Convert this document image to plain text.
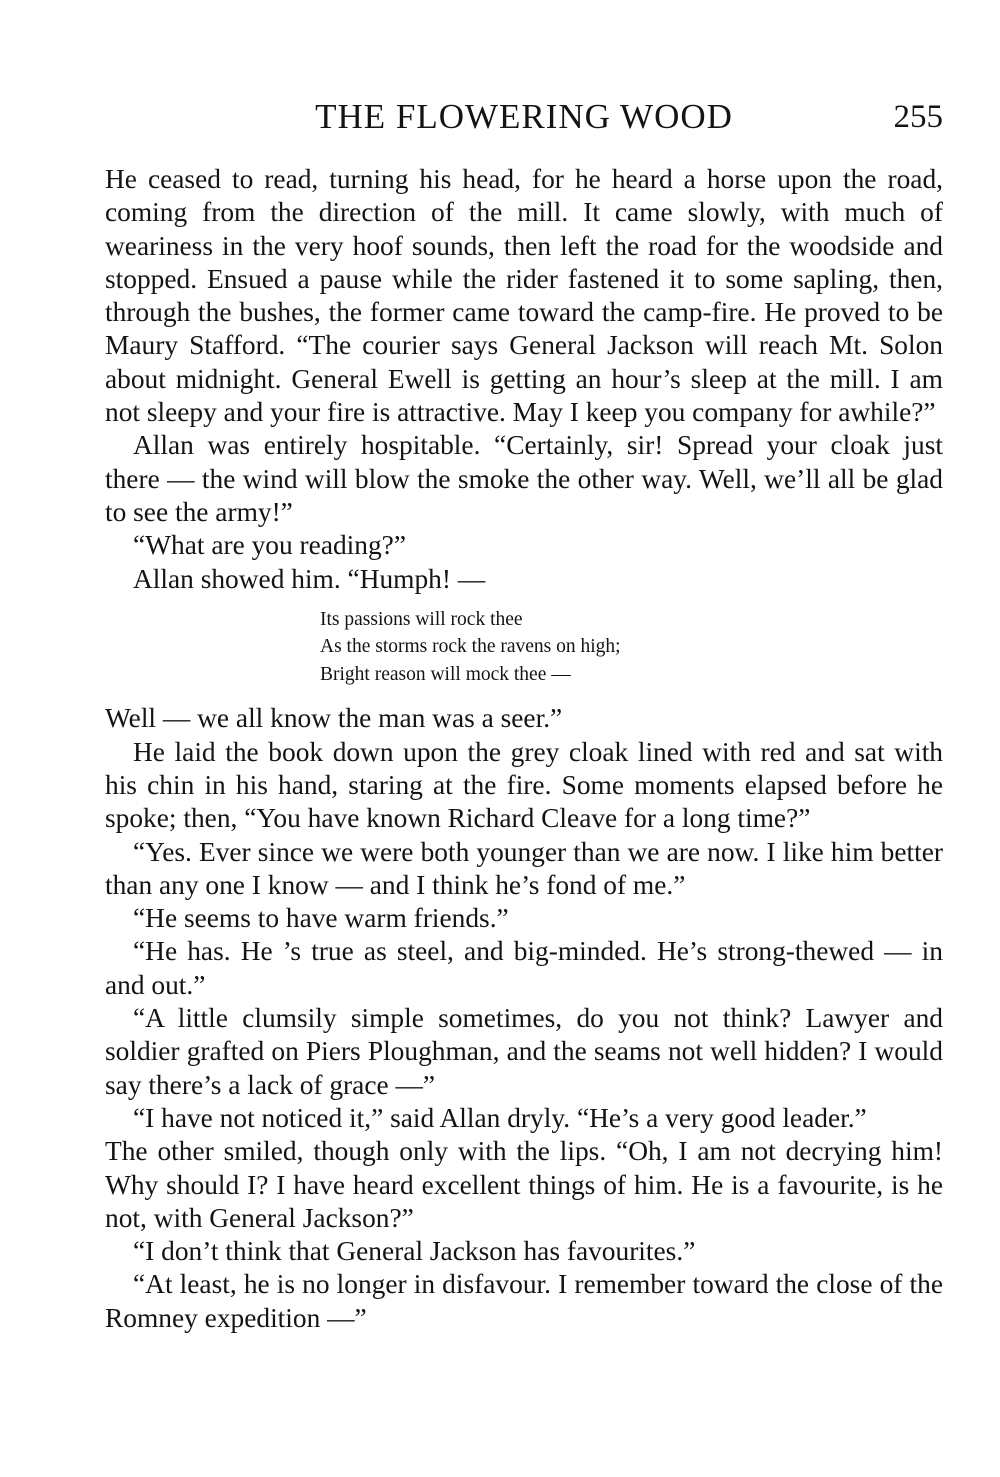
THE FLOWERING WOOD	255

He ceased to read, turning his head, for he heard a horse upon the road, coming from the direction of the mill. It came slowly, with much of weariness in the very hoof sounds, then left the road for the woodside and stopped. Ensued a pause while the rider fastened it to some sapling, then, through the bushes, the former came toward the camp-fire. He proved to be Maury Stafford. “The courier says General Jackson will reach Mt. Solon about midnight. General Ewell is getting an hour’s sleep at the mill. I am not sleepy and your fire is attractive. May I keep you company for awhile?”

Allan was entirely hospitable. “Certainly, sir! Spread your cloak just there — the wind will blow the smoke the other way. Well, we’ll all be glad to see the army!”

“What are you reading?”

Allan showed him. “Humph! —

Its passions will rock thee
As the storms rock the ravens on high;
Bright reason will mock thee —

Well — we all know the man was a seer.”

He laid the book down upon the grey cloak lined with red and sat with his chin in his hand, staring at the fire. Some moments elapsed before he spoke; then, “You have known Richard Cleave for a long time?”

“Yes. Ever since we were both younger than we are now. I like him better than any one I know — and I think he’s fond of me.”

“He seems to have warm friends.”

“He has. He ’s true as steel, and big-minded. He’s strong-thewed — in and out.”

“A little clumsily simple sometimes, do you not think? Lawyer and soldier grafted on Piers Ploughman, and the seams not well hidden? I would say there’s a lack of grace —”

“I have not noticed it,” said Allan dryly. “He’s a very good leader.”

The other smiled, though only with the lips. “Oh, I am not decrying him! Why should I? I have heard excellent things of him. He is a favourite, is he not, with General Jackson?”

“I don’t think that General Jackson has favourites.”

“At least, he is no longer in disfavour. I remember toward the close of the Romney expedition —”
